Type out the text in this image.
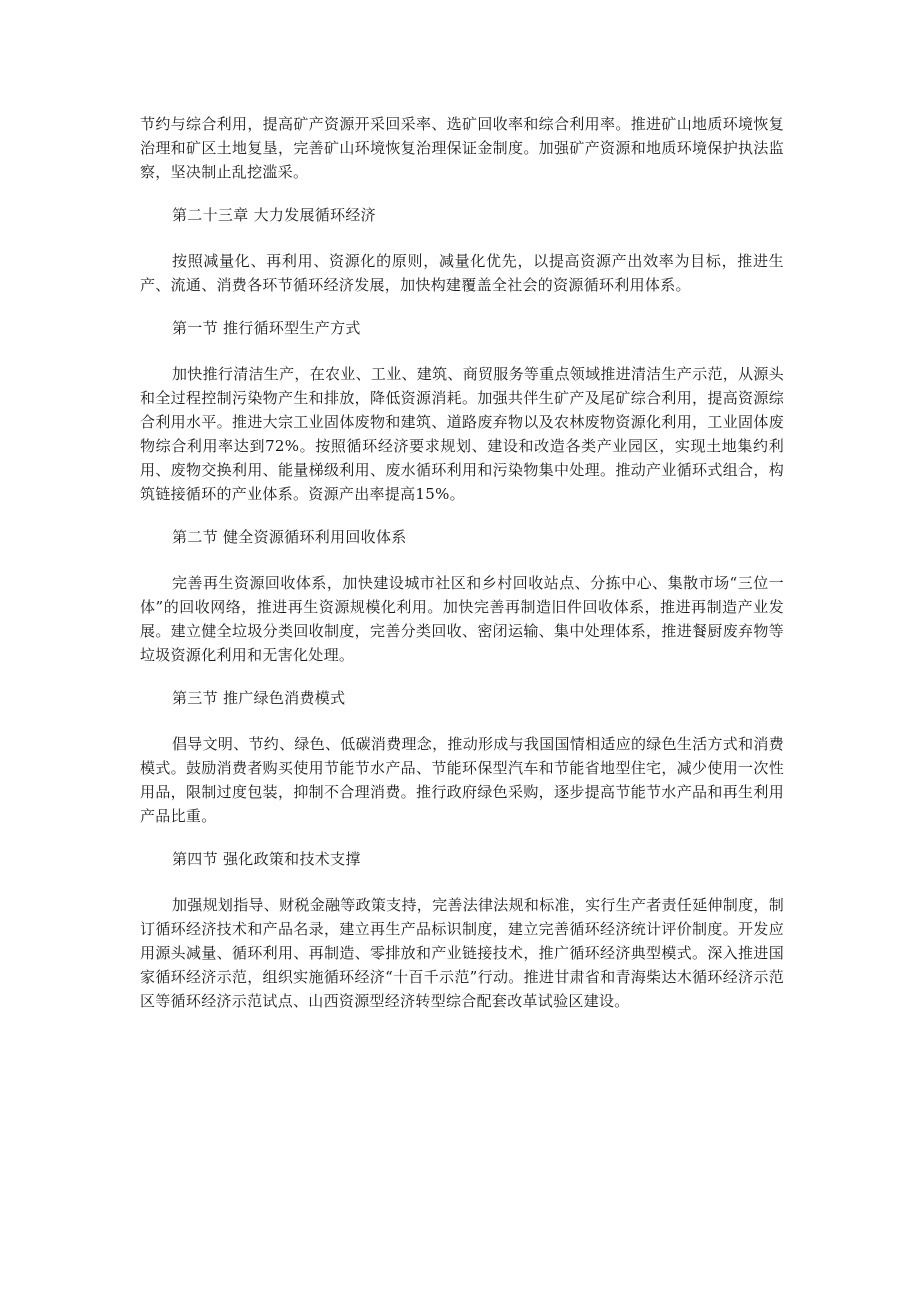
节约与综合利用，提高矿产资源开采回采率、选矿回收率和综合利用率。推进矿山地质环境恢复治理和矿区土地复垦，完善矿山环境恢复治理保证金制度。加强矿产资源和地质环境保护执法监察，坚决制止乱挖滥采。

第二十三章 大力发展循环经济

按照减量化、再利用、资源化的原则，减量化优先，以提高资源产出效率为目标，推进生产、流通、消费各环节循环经济发展，加快构建覆盖全社会的资源循环利用体系。

第一节 推行循环型生产方式

加快推行清洁生产，在农业、工业、建筑、商贸服务等重点领域推进清洁生产示范，从源头和全过程控制污染物产生和排放，降低资源消耗。加强共伴生矿产及尾矿综合利用，提高资源综合利用水平。推进大宗工业固体废物和建筑、道路废弃物以及农林废物资源化利用，工业固体废物综合利用率达到72%。按照循环经济要求规划、建设和改造各类产业园区，实现土地集约利用、废物交换利用、能量梯级利用、废水循环利用和污染物集中处理。推动产业循环式组合，构筑链接循环的产业体系。资源产出率提高15%。

第二节 健全资源循环利用回收体系

完善再生资源回收体系，加快建设城市社区和乡村回收站点、分拣中心、集散市场“三位一体”的回收网络，推进再生资源规模化利用。加快完善再制造旧件回收体系，推进再制造产业发展。建立健全垃圾分类回收制度，完善分类回收、密闭运输、集中处理体系，推进餐厨废弃物等垃圾资源化利用和无害化处理。

第三节 推广绿色消费模式

倡导文明、节约、绿色、低碳消费理念，推动形成与我国国情相适应的绿色生活方式和消费模式。鼓励消费者购买使用节能节水产品、节能环保型汽车和节能省地型住宅，减少使用一次性用品，限制过度包装，抑制不合理消费。推行政府绿色采购，逐步提高节能节水产品和再生利用产品比重。

第四节 强化政策和技术支撑

加强规划指导、财税金融等政策支持，完善法律法规和标准，实行生产者责任延伸制度，制订循环经济技术和产品名录，建立再生产品标识制度，建立完善循环经济统计评价制度。开发应用源头减量、循环利用、再制造、零排放和产业链接技术，推广循环经济典型模式。深入推进国家循环经济示范，组织实施循环经济“十百千示范”行动。推进甘肃省和青海柴达木循环经济示范区等循环经济示范试点、山西资源型经济转型综合配套改革试验区建设。
